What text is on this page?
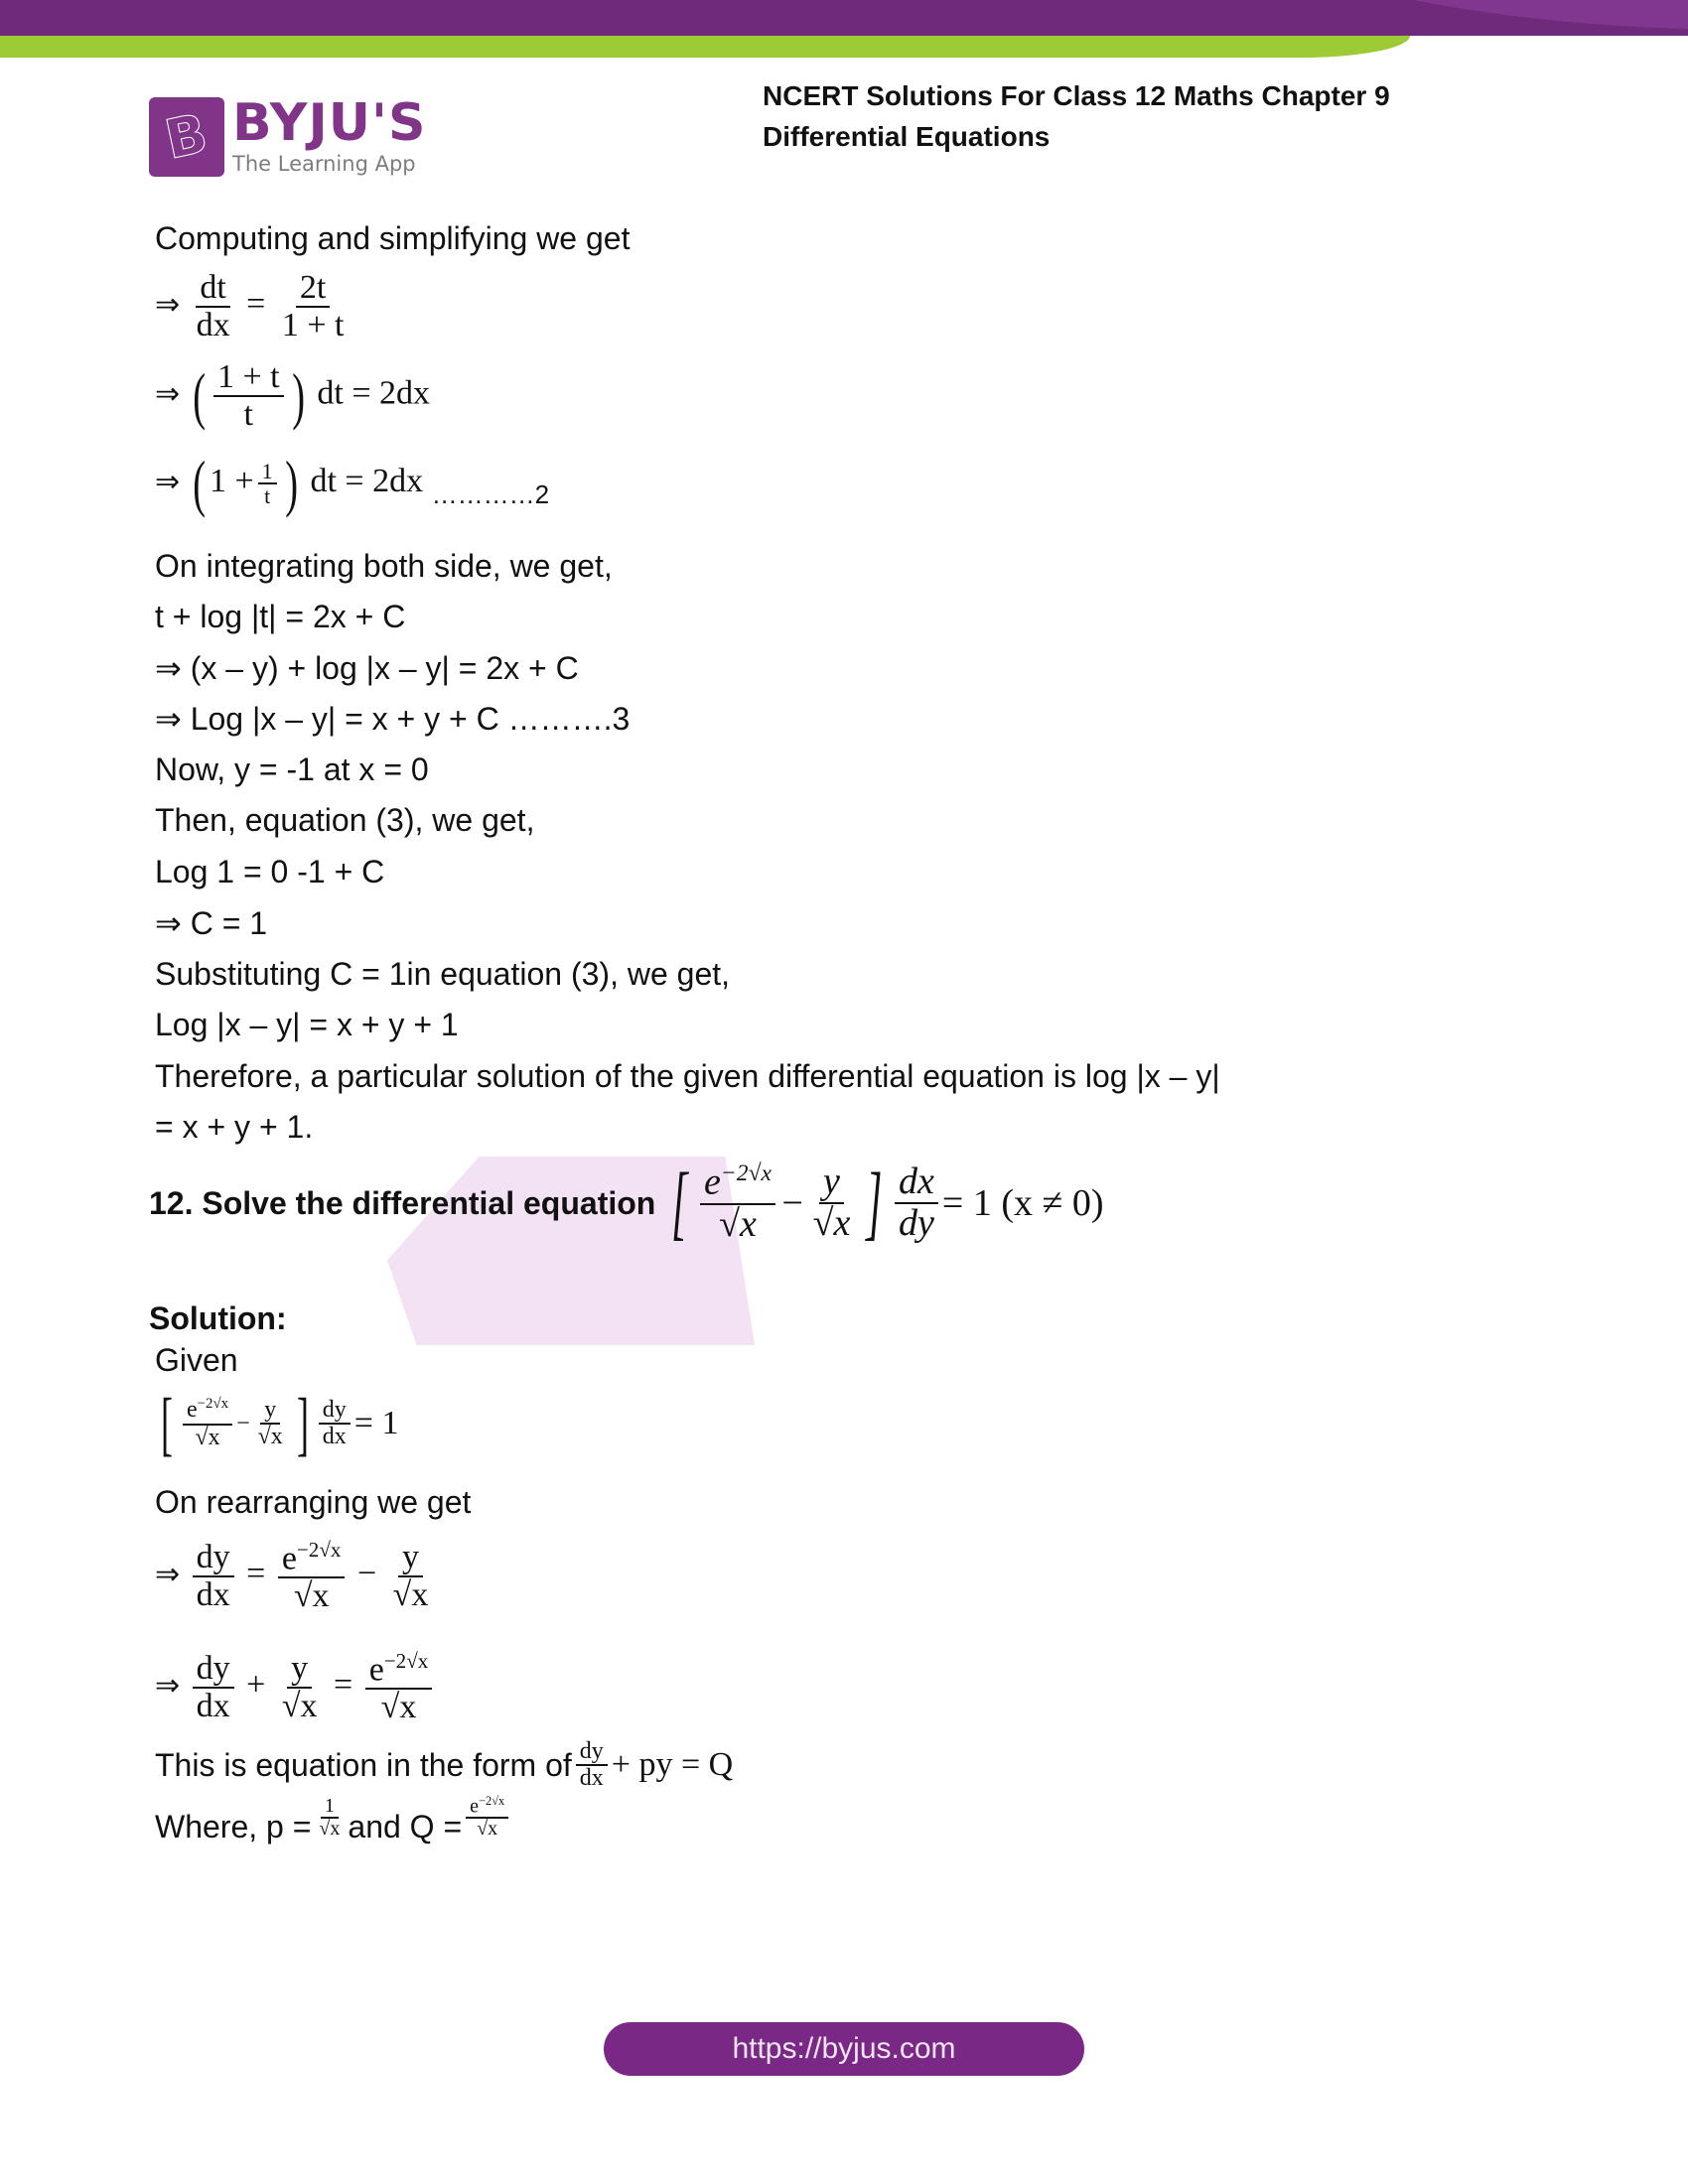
B BYJU'S
The Learning App
NCERT Solutions For Class 12 Maths Chapter 9
Differential Equations
Computing and simplifying we get
⇒ $\frac{dt}{dx} = \frac{2t}{1 + t}$
⇒ ( $\frac{1 + t}{t}$ ) dt = 2dx
⇒ ( $1 + \frac{1}{t}$ ) dt = 2dx $_{\dots\dots\dots\dots 2}$
On integrating both side, we get,
t + log |t| = 2x + C
⇒ (x – y) + log |x – y| = 2x + C
⇒ Log |x – y| = x + y + C ……….3
Now, y = -1 at x = 0
Then, equation (3), we get,
Log 1 = 0 -1 + C
⇒ C = 1
Substituting C = 1in equation (3), we get,
Log |x – y| = x + y + 1
Therefore, a particular solution of the given differential equation is log |x – y|
= x + y + 1.
12. Solve the differential equation [ $\frac{e^{-2√x}}{√x} - \frac{y}{√x}$ ] $\frac{dx}{dy} = 1$ (x ≠ 0)
Solution:
Given
[ $\frac{e^{-2√x}}{√x} - \frac{y}{√x}$ ] $\frac{dy}{dx} = 1$
On rearranging we get
⇒ $\frac{dy}{dx} = \frac{e^{-2√x}}{√x} - \frac{y}{√x}$
⇒ $\frac{dy}{dx} + \frac{y}{√x} = \frac{e^{-2√x}}{√x}$
This is equation in the form of $\frac{dy}{dx}$ + py = Q
Where, $p = \frac{1}{√x}$ and $Q = \frac{e^{-2√x}}{√x}$
https://byjus.com
